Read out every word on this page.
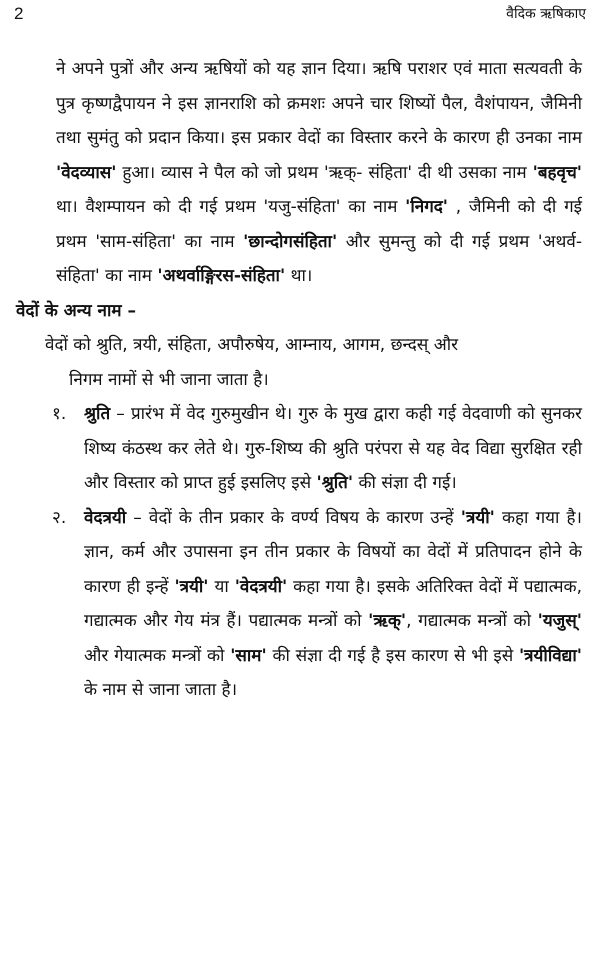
2	वैदिक ऋषिकाए

ने अपने पुत्रों और अन्य ऋषियों को यह ज्ञान दिया। ऋषि पराशर एवं माता सत्यवती के पुत्र कृष्णद्वैपायन ने इस ज्ञानराशि को क्रमशः अपने चार शिष्यों पैल, वैशंपायन, जैमिनी तथा सुमंतु को प्रदान किया। इस प्रकार वेदों का विस्तार करने के कारण ही उनका नाम 'वेदव्यास' हुआ। व्यास ने पैल को जो प्रथम 'ऋक्- संहिता' दी थी उसका नाम 'बहवृच' था। वैशम्पायन को दी गई प्रथम 'यजु-संहिता' का नाम 'निगद' , जैमिनी को दी गई प्रथम 'साम-संहिता' का नाम 'छान्दोगसंहिता' और सुमन्तु को दी गई प्रथम 'अथर्व-संहिता' का नाम 'अथर्वाङ्गिरस-संहिता' था।

वेदों के अन्य नाम –
वेदों को श्रुति, त्रयी, संहिता, अपौरुषेय, आम्नाय, आगम, छन्दस् और
निगम नामों से भी जाना जाता है।
१. श्रुति – प्रारंभ में वेद गुरुमुखीन थे। गुरु के मुख द्वारा कही गई वेदवाणी को सुनकर शिष्य कंठस्थ कर लेते थे। गुरु-शिष्य की श्रुति परंपरा से यह वेद विद्या सुरक्षित रही और विस्तार को प्राप्त हुई इसलिए इसे 'श्रुति' की संज्ञा दी गई।
२. वेदत्रयी – वेदों के तीन प्रकार के वर्ण्य विषय के कारण उन्हें 'त्रयी' कहा गया है। ज्ञान, कर्म और उपासना इन तीन प्रकार के विषयों का वेदों में प्रतिपादन होने के कारण ही इन्हें 'त्रयी' या 'वेदत्रयी' कहा गया है। इसके अतिरिक्त वेदों में पद्यात्मक, गद्यात्मक और गेय मंत्र हैं। पद्यात्मक मन्त्रों को 'ऋक्', गद्यात्मक मन्त्रों को 'यजुस्' और गेयात्मक मन्त्रों को 'साम' की संज्ञा दी गई है इस कारण से भी इसे 'त्रयीविद्या' के नाम से जाना जाता है।
